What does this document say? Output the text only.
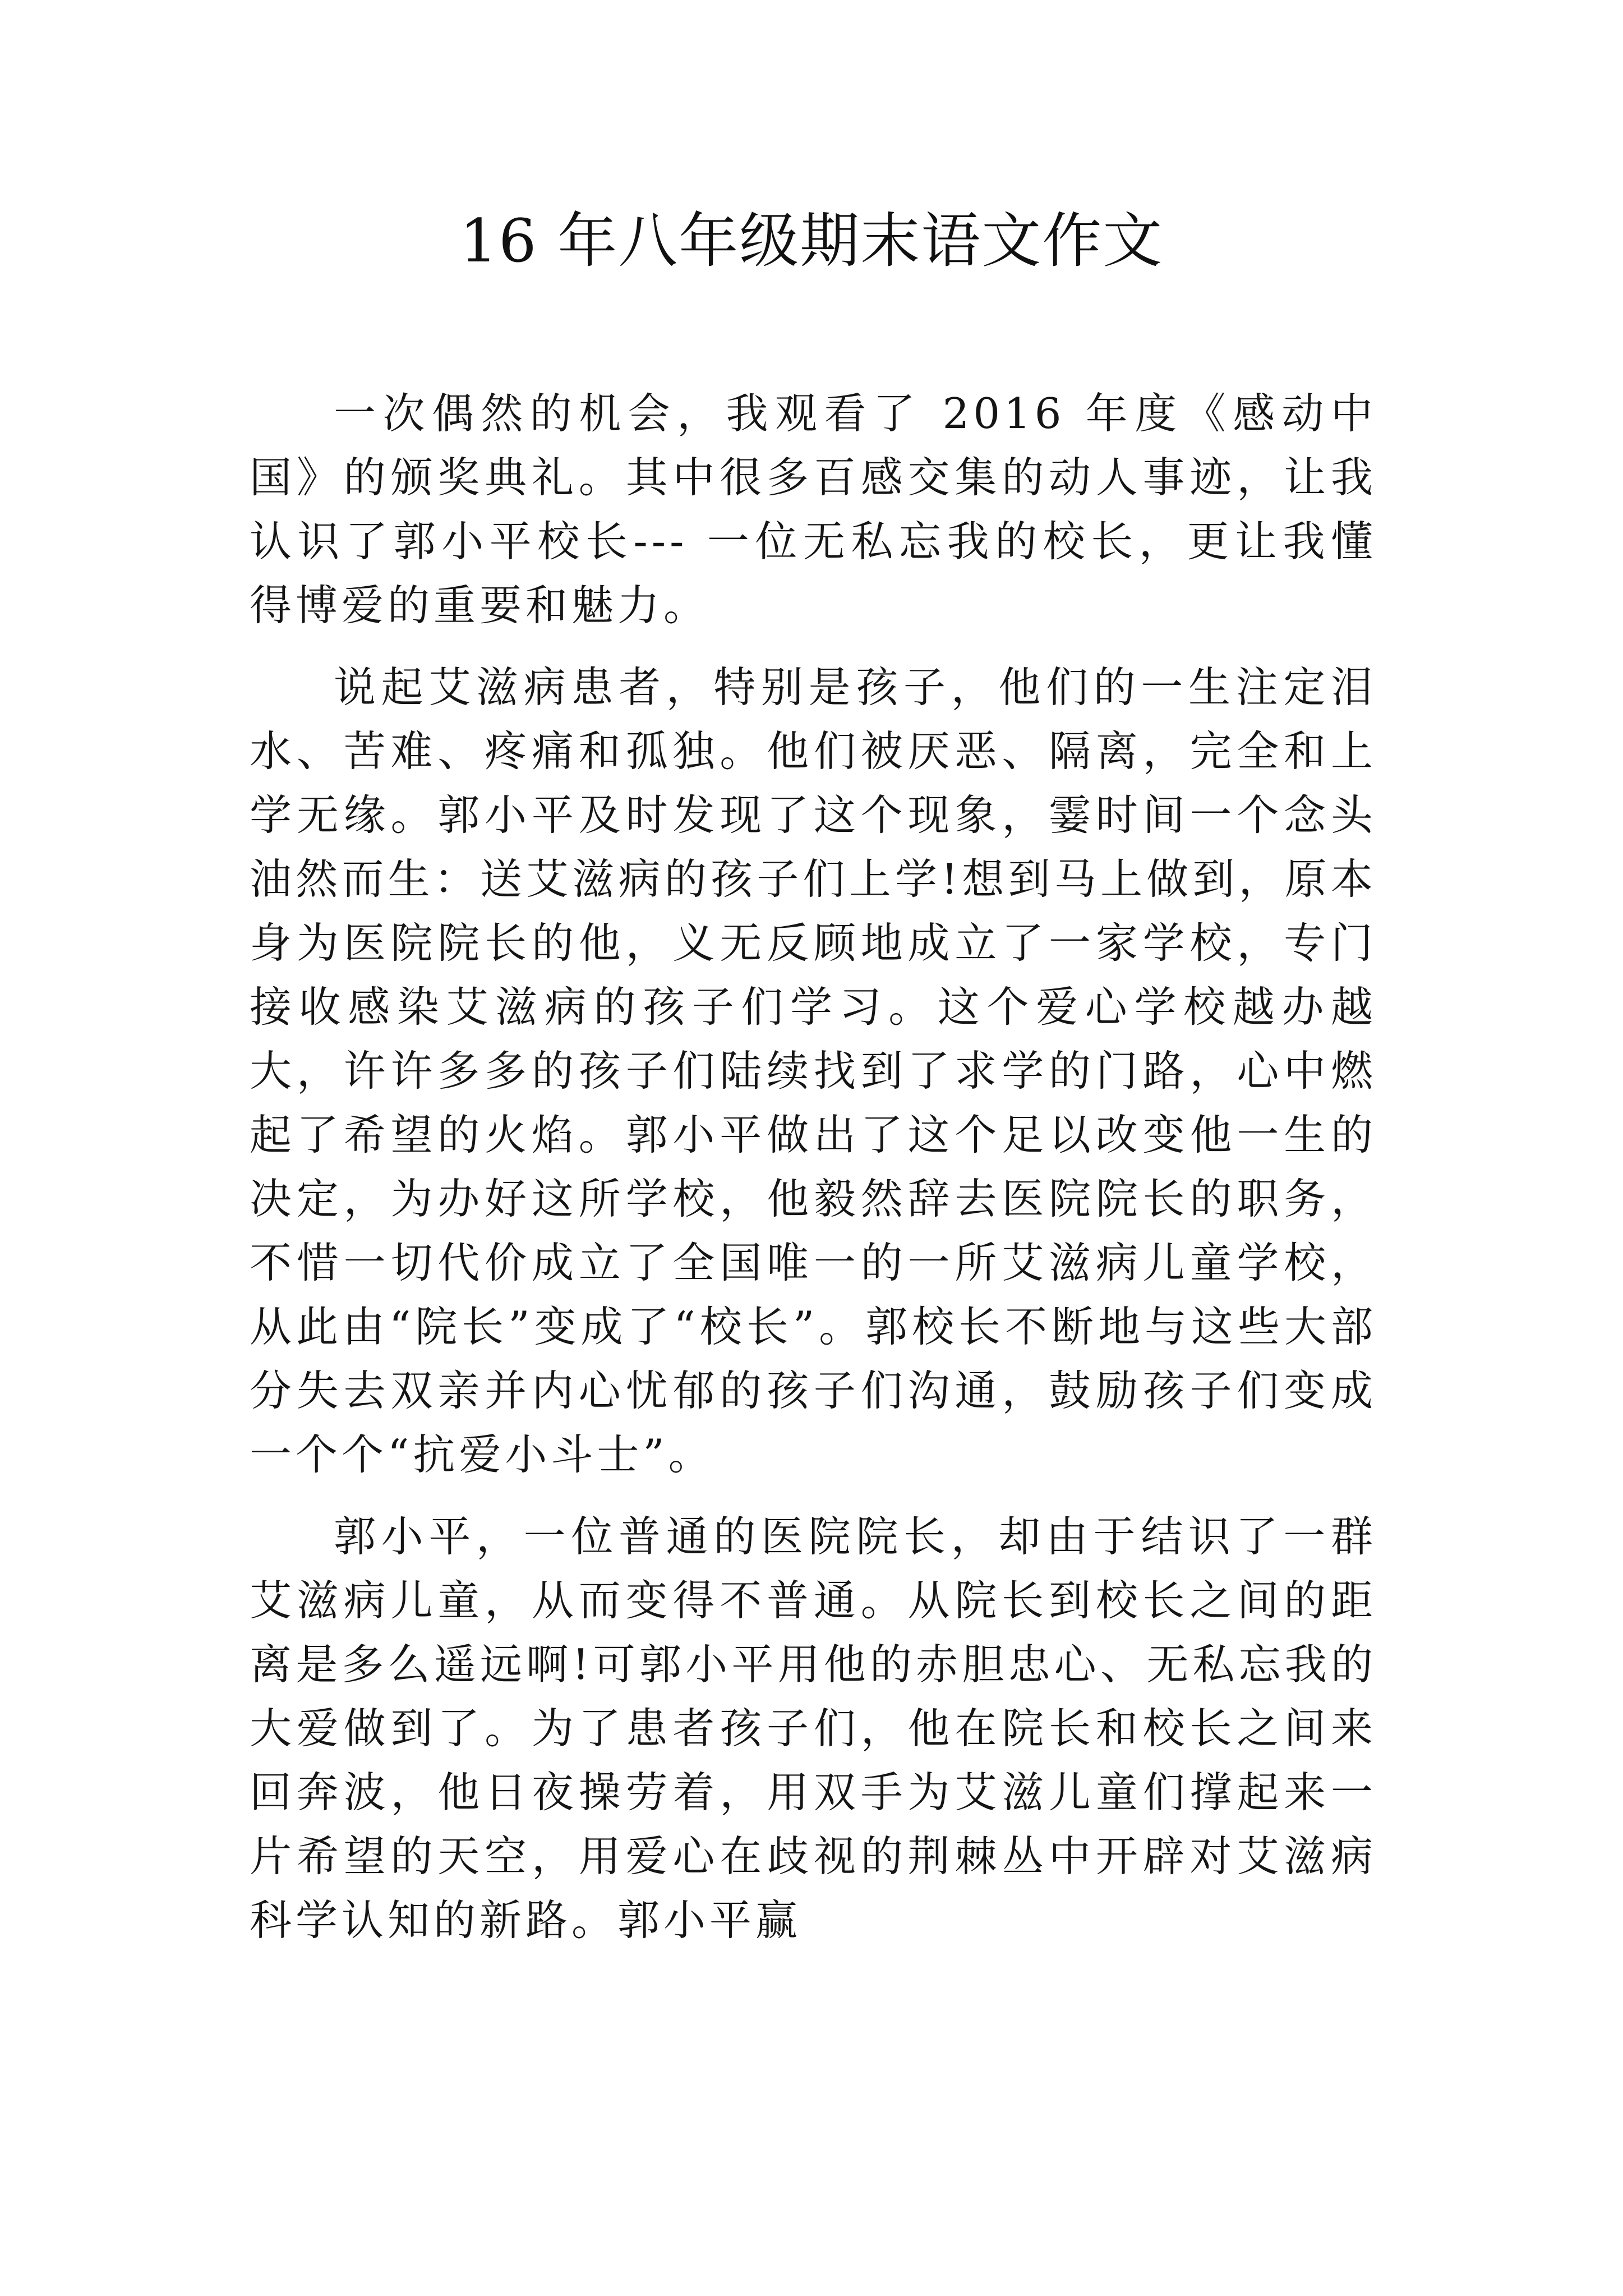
16 年八年级期末语文作文

一次偶然的机会，我观看了 2016 年度《感动中国》的颁奖典礼。其中很多百感交集的动人事迹，让我认识了郭小平校长--- 一位无私忘我的校长，更让我懂得博爱的重要和魅力。

说起艾滋病患者，特别是孩子，他们的一生注定泪水、苦难、疼痛和孤独。他们被厌恶、隔离，完全和上学无缘。郭小平及时发现了这个现象，霎时间一个念头油然而生：送艾滋病的孩子们上学!想到马上做到，原本身为医院院长的他，义无反顾地成立了一家学校，专门接收感染艾滋病的孩子们学习。这个爱心学校越办越大，许许多多的孩子们陆续找到了求学的门路，心中燃起了希望的火焰。郭小平做出了这个足以改变他一生的决定，为办好这所学校，他毅然辞去医院院长的职务，不惜一切代价成立了全国唯一的一所艾滋病儿童学校，从此由“院长”变成了“校长”。郭校长不断地与这些大部分失去双亲并内心忧郁的孩子们沟通，鼓励孩子们变成一个个“抗爱小斗士”。

郭小平，一位普通的医院院长，却由于结识了一群艾滋病儿童，从而变得不普通。从院长到校长之间的距离是多么遥远啊!可郭小平用他的赤胆忠心、无私忘我的大爱做到了。为了患者孩子们，他在院长和校长之间来回奔波，他日夜操劳着，用双手为艾滋儿童们撑起来一片希望的天空，用爱心在歧视的荆棘丛中开辟对艾滋病科学认知的新路。郭小平赢
